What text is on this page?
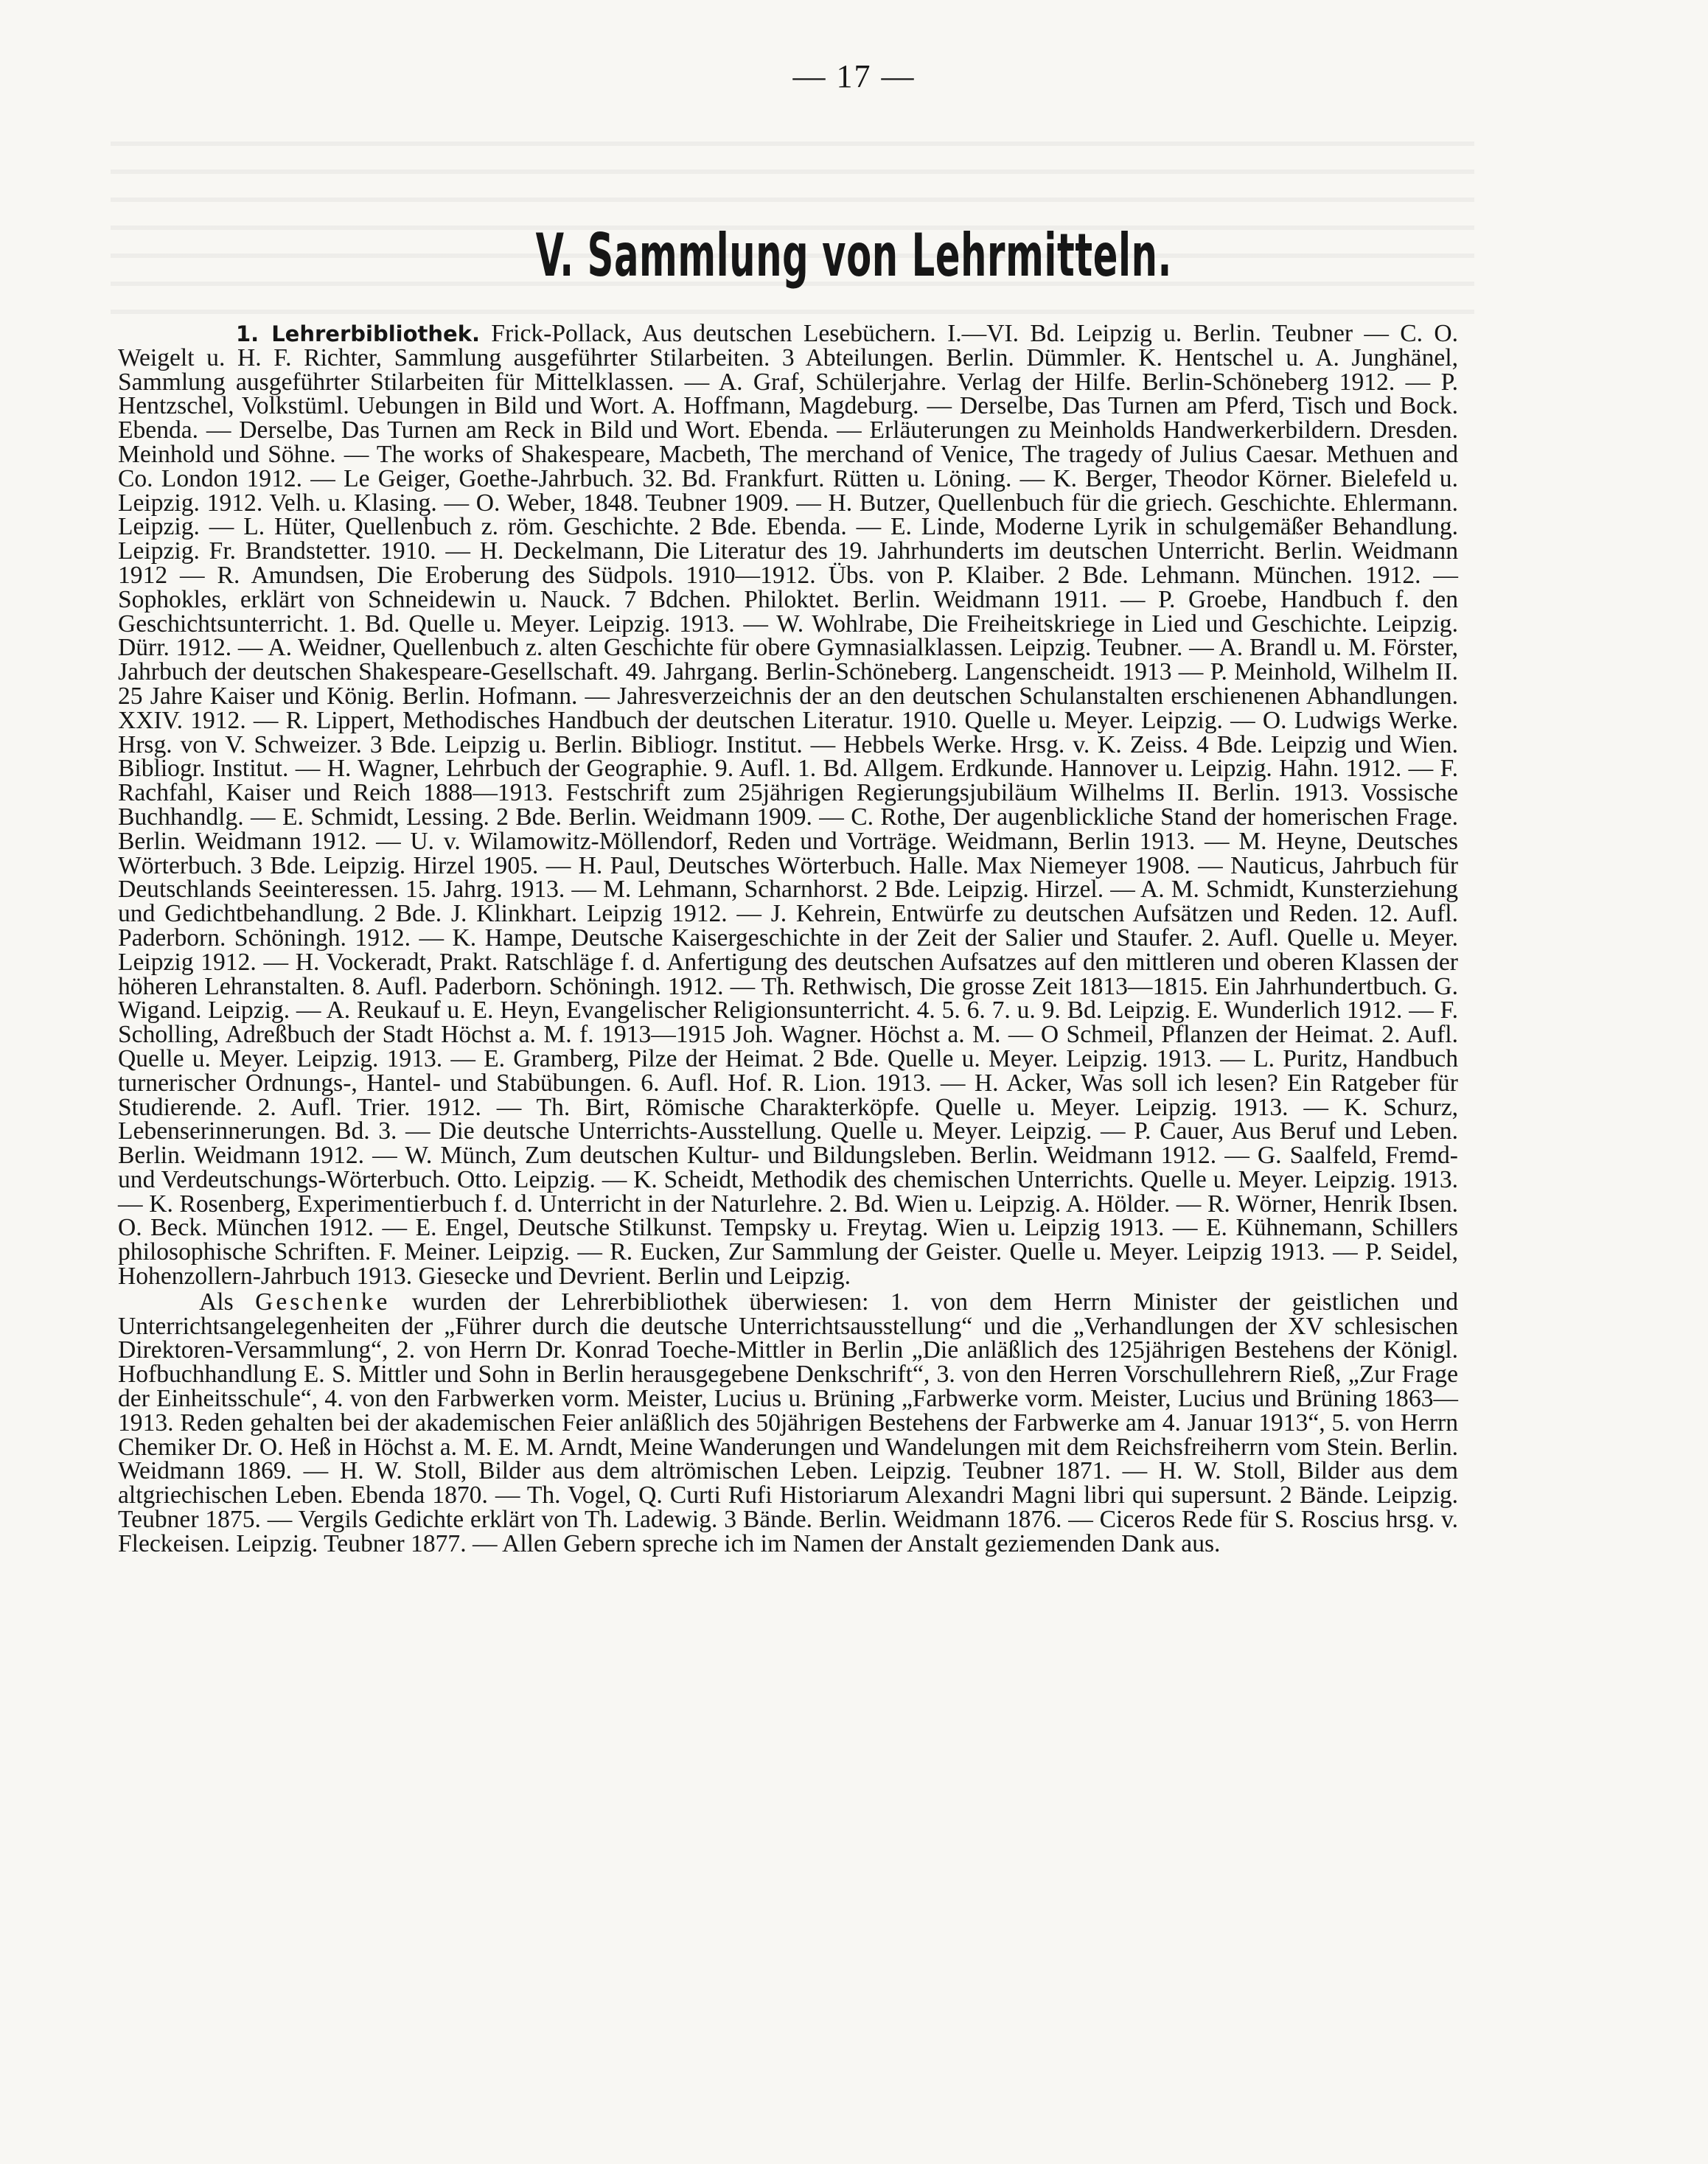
— 17 —
V. Sammlung von Lehrmitteln.

1. Lehrerbibliothek. Frick-Pollack, Aus deutschen Lesebüchern. I.—VI. Bd. Leipzig u. Berlin. Teubner — C. O. Weigelt u. H. F. Richter, Sammlung ausgeführter Stilarbeiten. 3 Abteilungen. Berlin. Dümmler. K. Hentschel u. A. Junghänel, Sammlung ausgeführter Stilarbeiten für Mittelklassen. — A. Graf, Schülerjahre. Verlag der Hilfe. Berlin-Schöneberg 1912. — P. Hentzschel, Volkstüml. Uebungen in Bild und Wort. A. Hoffmann, Magdeburg. — Derselbe, Das Turnen am Pferd, Tisch und Bock. Ebenda. — Derselbe, Das Turnen am Reck in Bild und Wort. Ebenda. — Erläuterungen zu Meinholds Handwerkerbildern. Dresden. Meinhold und Söhne. — The works of Shakespeare, Macbeth, The merchand of Venice, The tragedy of Julius Caesar. Methuen and Co. London 1912. — Le Geiger, Goethe-Jahrbuch. 32. Bd. Frankfurt. Rütten u. Löning. — K. Berger, Theodor Körner. Bielefeld u. Leipzig. 1912. Velh. u. Klasing. — O. Weber, 1848. Teubner 1909. — H. Butzer, Quellenbuch für die griech. Geschichte. Ehlermann. Leipzig. — L. Hüter, Quellenbuch z. röm. Geschichte. 2 Bde. Ebenda. — E. Linde, Moderne Lyrik in schulgemäßer Behandlung. Leipzig. Fr. Brandstetter. 1910. — H. Deckelmann, Die Literatur des 19. Jahrhunderts im deutschen Unterricht. Berlin. Weidmann 1912 — R. Amundsen, Die Eroberung des Südpols. 1910—1912. Übs. von P. Klaiber. 2 Bde. Lehmann. München. 1912. — Sophokles, erklärt von Schneidewin u. Nauck. 7 Bdchen. Philoktet. Berlin. Weidmann 1911. — P. Groebe, Handbuch f. den Geschichtsunterricht. 1. Bd. Quelle u. Meyer. Leipzig. 1913. — W. Wohlrabe, Die Freiheitskriege in Lied und Geschichte. Leipzig. Dürr. 1912. — A. Weidner, Quellenbuch z. alten Geschichte für obere Gymnasialklassen. Leipzig. Teubner. — A. Brandl u. M. Förster, Jahrbuch der deutschen Shakespeare-Gesellschaft. 49. Jahrgang. Berlin-Schöneberg. Langenscheidt. 1913 — P. Meinhold, Wilhelm II. 25 Jahre Kaiser und König. Berlin. Hofmann. — Jahresverzeichnis der an den deutschen Schulanstalten erschienenen Abhandlungen. XXIV. 1912. — R. Lippert, Methodisches Handbuch der deutschen Literatur. 1910. Quelle u. Meyer. Leipzig. — O. Ludwigs Werke. Hrsg. von V. Schweizer. 3 Bde. Leipzig u. Berlin. Bibliogr. Institut. — Hebbels Werke. Hrsg. v. K. Zeiss. 4 Bde. Leipzig und Wien. Bibliogr. Institut. — H. Wagner, Lehrbuch der Geographie. 9. Aufl. 1. Bd. Allgem. Erdkunde. Hannover u. Leipzig. Hahn. 1912. — F. Rachfahl, Kaiser und Reich 1888—1913. Festschrift zum 25jährigen Regierungsjubiläum Wilhelms II. Berlin. 1913. Vossische Buchhandlg. — E. Schmidt, Lessing. 2 Bde. Berlin. Weidmann 1909. — C. Rothe, Der augenblickliche Stand der homerischen Frage. Berlin. Weidmann 1912. — U. v. Wilamowitz-Möllendorf, Reden und Vorträge. Weidmann, Berlin 1913. — M. Heyne, Deutsches Wörterbuch. 3 Bde. Leipzig. Hirzel 1905. — H. Paul, Deutsches Wörterbuch. Halle. Max Niemeyer 1908. — Nauticus, Jahrbuch für Deutschlands Seeinteressen. 15. Jahrg. 1913. — M. Lehmann, Scharnhorst. 2 Bde. Leipzig. Hirzel. — A. M. Schmidt, Kunsterziehung und Gedichtbehandlung. 2 Bde. J. Klinkhart. Leipzig 1912. — J. Kehrein, Entwürfe zu deutschen Aufsätzen und Reden. 12. Aufl. Paderborn. Schöningh. 1912. — K. Hampe, Deutsche Kaisergeschichte in der Zeit der Salier und Staufer. 2. Aufl. Quelle u. Meyer. Leipzig 1912. — H. Vockeradt, Prakt. Ratschläge f. d. Anfertigung des deutschen Aufsatzes auf den mittleren und oberen Klassen der höheren Lehranstalten. 8. Aufl. Paderborn. Schöningh. 1912. — Th. Rethwisch, Die grosse Zeit 1813—1815. Ein Jahrhundertbuch. G. Wigand. Leipzig. — A. Reukauf u. E. Heyn, Evangelischer Religionsunterricht. 4. 5. 6. 7. u. 9. Bd. Leipzig. E. Wunderlich 1912. — F. Scholling, Adreßbuch der Stadt Höchst a. M. f. 1913—1915 Joh. Wagner. Höchst a. M. — O Schmeil, Pflanzen der Heimat. 2. Aufl. Quelle u. Meyer. Leipzig. 1913. — E. Gramberg, Pilze der Heimat. 2 Bde. Quelle u. Meyer. Leipzig. 1913. — L. Puritz, Handbuch turnerischer Ordnungs-, Hantel- und Stabübungen. 6. Aufl. Hof. R. Lion. 1913. — H. Acker, Was soll ich lesen? Ein Ratgeber für Studierende. 2. Aufl. Trier. 1912. — Th. Birt, Römische Charakterköpfe. Quelle u. Meyer. Leipzig. 1913. — K. Schurz, Lebenserinnerungen. Bd. 3. — Die deutsche Unterrichts-Ausstellung. Quelle u. Meyer. Leipzig. — P. Cauer, Aus Beruf und Leben. Berlin. Weidmann 1912. — W. Münch, Zum deutschen Kultur- und Bildungsleben. Berlin. Weidmann 1912. — G. Saalfeld, Fremd- und Verdeutschungs-Wörterbuch. Otto. Leipzig. — K. Scheidt, Methodik des chemischen Unterrichts. Quelle u. Meyer. Leipzig. 1913. — K. Rosenberg, Experimentierbuch f. d. Unterricht in der Naturlehre. 2. Bd. Wien u. Leipzig. A. Hölder. — R. Wörner, Henrik Ibsen. O. Beck. München 1912. — E. Engel, Deutsche Stilkunst. Tempsky u. Freytag. Wien u. Leipzig 1913. — E. Kühnemann, Schillers philosophische Schriften. F. Meiner. Leipzig. — R. Eucken, Zur Sammlung der Geister. Quelle u. Meyer. Leipzig 1913. — P. Seidel, Hohenzollern-Jahrbuch 1913. Giesecke und Devrient. Berlin und Leipzig.

Als Geschenke wurden der Lehrerbibliothek überwiesen: 1. von dem Herrn Minister der geistlichen und Unterrichtsangelegenheiten der „Führer durch die deutsche Unterrichtsausstellung“ und die „Verhandlungen der XV schlesischen Direktoren-Versammlung“, 2. von Herrn Dr. Konrad Toeche-Mittler in Berlin „Die anläßlich des 125jährigen Bestehens der Königl. Hofbuchhandlung E. S. Mittler und Sohn in Berlin herausgegebene Denkschrift“, 3. von den Herren Vorschullehrern Rieß, „Zur Frage der Einheitsschule“, 4. von den Farbwerken vorm. Meister, Lucius u. Brüning „Farbwerke vorm. Meister, Lucius und Brüning 1863—1913. Reden gehalten bei der akademischen Feier anläßlich des 50jährigen Bestehens der Farbwerke am 4. Januar 1913“, 5. von Herrn Chemiker Dr. O. Heß in Höchst a. M. E. M. Arndt, Meine Wanderungen und Wandelungen mit dem Reichsfreiherrn vom Stein. Berlin. Weidmann 1869. — H. W. Stoll, Bilder aus dem altrömischen Leben. Leipzig. Teubner 1871. — H. W. Stoll, Bilder aus dem altgriechischen Leben. Ebenda 1870. — Th. Vogel, Q. Curti Rufi Historiarum Alexandri Magni libri qui supersunt. 2 Bände. Leipzig. Teubner 1875. — Vergils Gedichte erklärt von Th. Ladewig. 3 Bände. Berlin. Weidmann 1876. — Ciceros Rede für S. Roscius hrsg. v. Fleckeisen. Leipzig. Teubner 1877. — Allen Gebern spreche ich im Namen der Anstalt geziemenden Dank aus.
